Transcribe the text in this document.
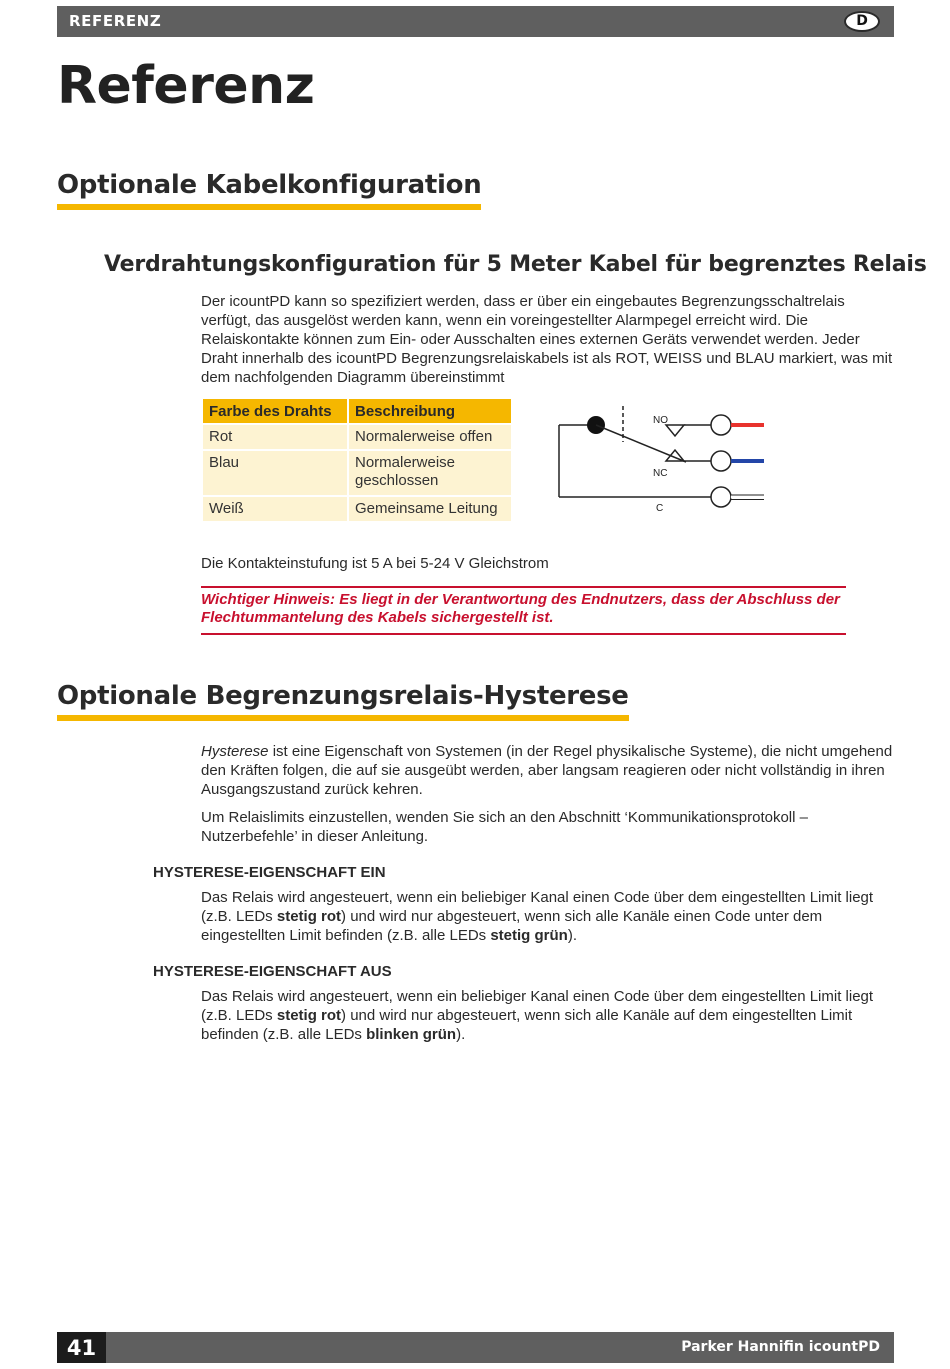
REFERENZ	D
Referenz
Optionale Kabelkonfiguration
Verdrahtungskonfiguration für 5 Meter Kabel für begrenztes Relais

Der icountPD kann so spezifiziert werden, dass er über ein eingebautes Begrenzungsschaltrelais verfügt, das ausgelöst werden kann, wenn ein voreingestellter Alarmpegel erreicht wird. Die Relaiskontakte können zum Ein- oder Ausschalten eines externen Geräts verwendet werden. Jeder Draht innerhalb des icountPD Begrenzungsrelaiskabels ist als ROT, WEISS und BLAU markiert, was mit dem nachfolgenden Diagramm übereinstimmt

Farbe des Drahts	Beschreibung
Rot	Normalerweise offen
Blau	Normalerweise geschlossen
Weiß	Gemeinsame Leitung
NO
NC
C

Die Kontakteinstufung ist 5 A bei 5-24 V Gleichstrom

Wichtiger Hinweis: Es liegt in der Verantwortung des Endnutzers, dass der Abschluss der Flechtummantelung des Kabels sichergestellt ist.

Optionale Begrenzungsrelais-Hysterese

Hysterese ist eine Eigenschaft von Systemen (in der Regel physikalische Systeme), die nicht umgehend den Kräften folgen, die auf sie ausgeübt werden, aber langsam reagieren oder nicht vollständig in ihren Ausgangszustand zurück kehren.

Um Relaislimits einzustellen, wenden Sie sich an den Abschnitt ‘Kommunikationsprotokoll – Nutzerbefehle’ in dieser Anleitung.

HYSTERESE-EIGENSCHAFT EIN

Das Relais wird angesteuert, wenn ein beliebiger Kanal einen Code über dem eingestellten Limit liegt (z.B. LEDs stetig rot) und wird nur abgesteuert, wenn sich alle Kanäle einen Code unter dem eingestellten Limit befinden (z.B. alle LEDs stetig grün).

HYSTERESE-EIGENSCHAFT AUS

Das Relais wird angesteuert, wenn ein beliebiger Kanal einen Code über dem eingestellten Limit liegt (z.B. LEDs stetig rot) und wird nur abgesteuert, wenn sich alle Kanäle auf dem eingestellten Limit befinden (z.B. alle LEDs blinken grün).

41	Parker Hannifin icountPD
